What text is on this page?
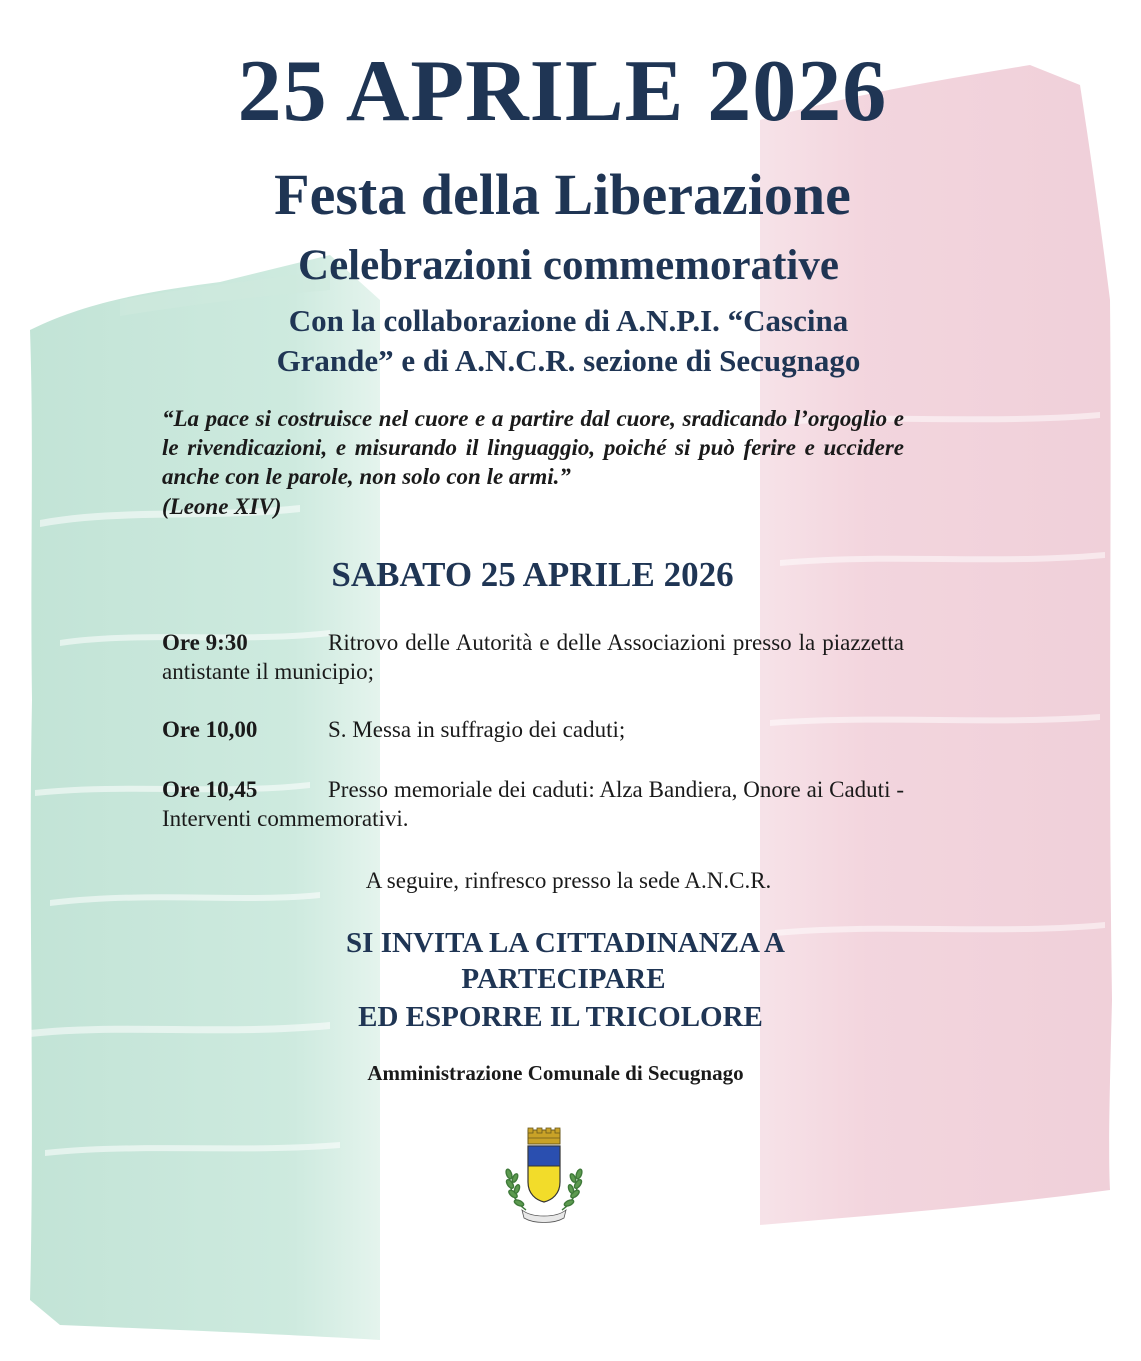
25 APRILE 2026
Festa della Liberazione
Celebrazioni commemorative
Con la collaborazione di A.N.P.I. “Cascina
Grande” e di A.N.C.R. sezione di Secugnago
“La pace si costruisce nel cuore e a partire dal cuore, sradicando l’orgoglio e le rivendicazioni, e misurando il linguaggio, poiché si può ferire e uccidere anche con le parole, non solo con le armi.”
(Leone XIV)
SABATO 25 APRILE 2026
Ore 9:30	Ritrovo delle Autorità e delle Associazioni presso la piazzetta antistante il municipio;
Ore 10,00	S. Messa in suffragio dei caduti;
Ore 10,45	Presso memoriale dei caduti: Alza Bandiera, Onore ai Caduti - Interventi commemorativi.
A seguire, rinfresco presso la sede A.N.C.R.
SI INVITA LA CITTADINANZA A
PARTECIPARE
ED ESPORRE IL TRICOLORE
Amministrazione Comunale di Secugnago
